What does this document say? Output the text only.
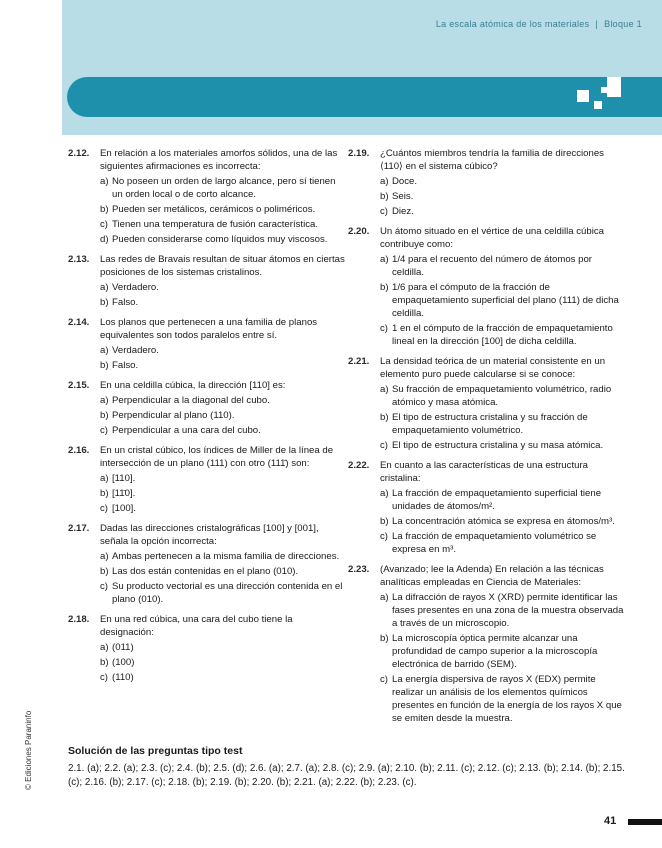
La escala atómica de los materiales | Bloque 1
2.12. En relación a los materiales amorfos sólidos, una de las siguientes afirmaciones es incorrecta:

a) No poseen un orden de largo alcance, pero sí tienen un orden local o de corto alcance.
b) Pueden ser metálicos, cerámicos o poliméricos.
c) Tienen una temperatura de fusión característica.
d) Pueden considerarse como líquidos muy viscosos.
2.13. Las redes de Bravais resultan de situar átomos en ciertas posiciones de los sistemas cristalinos.

a) Verdadero.
b) Falso.
2.14. Los planos que pertenecen a una familia de planos equivalentes son todos paralelos entre sí.

a) Verdadero.
b) Falso.
2.15. En una celdilla cúbica, la dirección [110] es:

a) Perpendicular a la diagonal del cubo.
b) Perpendicular al plano (110).
c) Perpendicular a una cara del cubo.
2.16. En un cristal cúbico, los índices de Miller de la línea de intersección de un plano (111) con otro (111̄) son:

a) [110].
b) [11̄0].
c) [100].
2.17. Dadas las direcciones cristalográficas [100] y [001], señala la opción incorrecta:

a) Ambas pertenecen a la misma familia de direcciones.
b) Las dos están contenidas en el plano (010).
c) Su producto vectorial es una dirección contenida en el plano (010).
2.18. En una red cúbica, una cara del cubo tiene la designación:

a) (011)
b) (100)
c) (110)
2.19. ¿Cuántos miembros tendría la familia de direcciones ⟨110⟩ en el sistema cúbico?

a) Doce.
b) Seis.
c) Diez.
2.20. Un átomo situado en el vértice de una celdilla cúbica contribuye como:

a) 1/4 para el recuento del número de átomos por celdilla.
b) 1/6 para el cómputo de la fracción de empaquetamiento superficial del plano (111) de dicha celdilla.
c) 1 en el cómputo de la fracción de empaquetamiento lineal en la dirección [100] de dicha celdilla.
2.21. La densidad teórica de un material consistente en un elemento puro puede calcularse si se conoce:

a) Su fracción de empaquetamiento volumétrico, radio atómico y masa atómica.
b) El tipo de estructura cristalina y su fracción de empaquetamiento volumétrico.
c) El tipo de estructura cristalina y su masa atómica.
2.22. En cuanto a las características de una estructura cristalina:

a) La fracción de empaquetamiento superficial tiene unidades de átomos/m².
b) La concentración atómica se expresa en átomos/m³.
c) La fracción de empaquetamiento volumétrico se expresa en m³.
2.23. (Avanzado; lee la Adenda) En relación a las técnicas analíticas empleadas en Ciencia de Materiales:

a) La difracción de rayos X (XRD) permite identificar las fases presentes en una zona de la muestra observada a través de un microscopio.
b) La microscopía óptica permite alcanzar una profundidad de campo superior a la microscopía electrónica de barrido (SEM).
c) La energía dispersiva de rayos X (EDX) permite realizar un análisis de los elementos químicos presentes en función de la energía de los rayos X que se emiten desde la muestra.
Solución de las preguntas tipo test

2.1. (a); 2.2. (a); 2.3. (c); 2.4. (b); 2.5. (d); 2.6. (a); 2.7. (a); 2.8. (c); 2.9. (a); 2.10. (b); 2.11. (c); 2.12. (c); 2.13. (b); 2.14. (b); 2.15. (c); 2.16. (b); 2.17. (c); 2.18. (b); 2.19. (b); 2.20. (b); 2.21. (a); 2.22. (b); 2.23. (c).

© Ediciones Paraninfo
41
